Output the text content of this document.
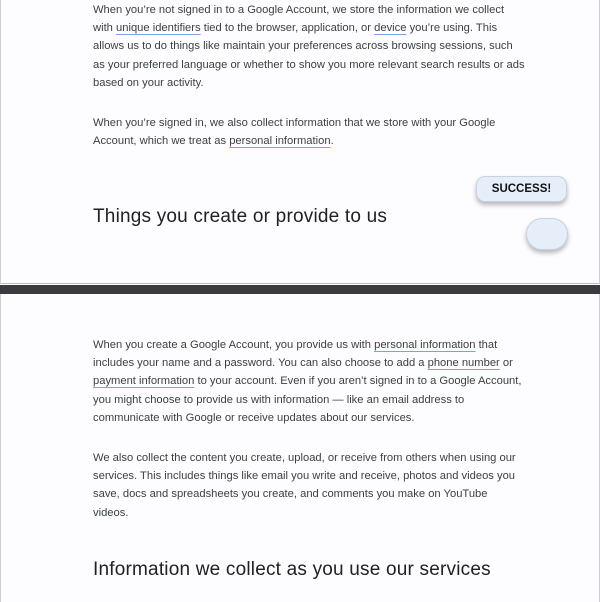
When you’re not signed in to a Google Account, we store the information we collect with unique identifiers tied to the browser, application, or device you’re using. This allows us to do things like maintain your preferences across browsing sessions, such as your preferred language or whether to show you more relevant search results or ads based on your activity.

When you’re signed in, we also collect information that we store with your Google Account, which we treat as personal information.

SUCCESS!
Things you create or provide to us

When you create a Google Account, you provide us with personal information that includes your name and a password. You can also choose to add a phone number or payment information to your account. Even if you aren’t signed in to a Google Account, you might choose to provide us with information — like an email address to communicate with Google or receive updates about our services.

We also collect the content you create, upload, or receive from others when using our services. This includes things like email you write and receive, photos and videos you save, docs and spreadsheets you create, and comments you make on YouTube videos.

Information we collect as you use our services
